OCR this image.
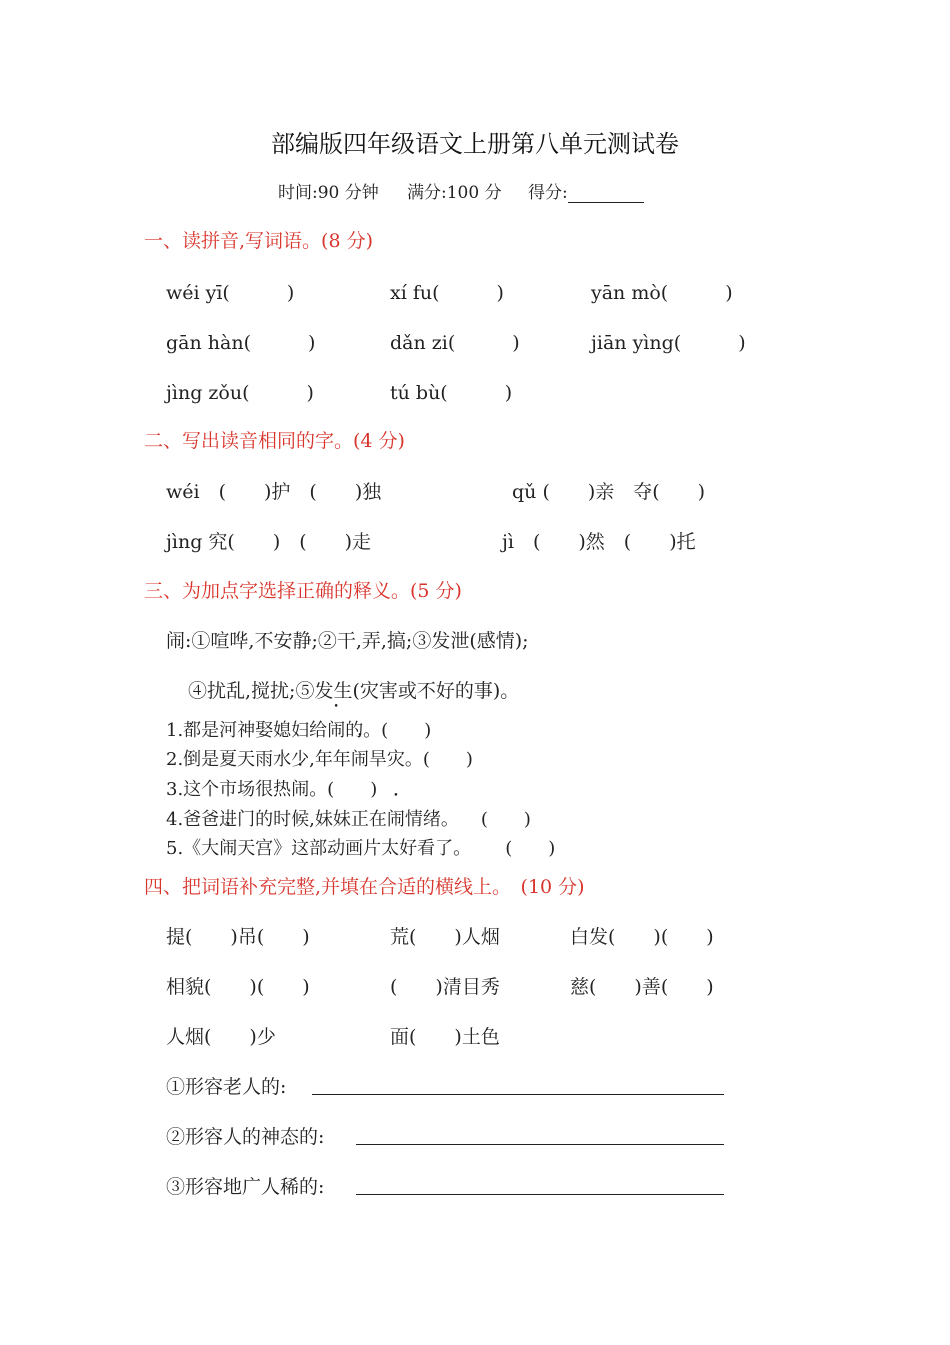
部编版四年级语文上册第八单元测试卷
时间:90 分钟 满分:100 分 得分:
一、读拼音,写词语。(8 分)
wéi yī(　　　)	xí fu(　　　)	yān mò(　　　)
gān hàn(　　　)	dǎn zi(　　　)	jiān yìng(　　　)
jìng zǒu(　　　)	tú bù(　　　)
二、写出读音相同的字。(4 分)
wéi　(　　)护　(　　)独	qǔ (　　)亲　夺(　　)
jìng 究(　　)　(　　)走	jì　(　　)然　(　　)托
三、为加点字选择正确的释义。(5 分)
闹:①喧哗,不安静;②干,弄,搞;③发泄(感情);
④扰乱,搅扰;⑤发生(灾害或不好的事)。
1.都是河神娶媳妇给闹的。(　　)
2.倒是夏天雨水少,年年闹旱灾。(　　)
3.这个市场很热闹。(　　)
4.爸爸进门的时候,妹妹正在闹情绪。 (　　)
5.《大闹天宫》这部动画片太好看了。 (　　)
四、把词语补充完整,并填在合适的横线上。　(10 分)
提(　　)吊(　　)	荒(　　)人烟	白发(　　)(　　)
相貌(　　)(　　)	(　　)清目秀	慈(　　)善(　　)
人烟(　　)少	面(　　)土色
①形容老人的:
②形容人的神态的:
③形容地广人稀的:
